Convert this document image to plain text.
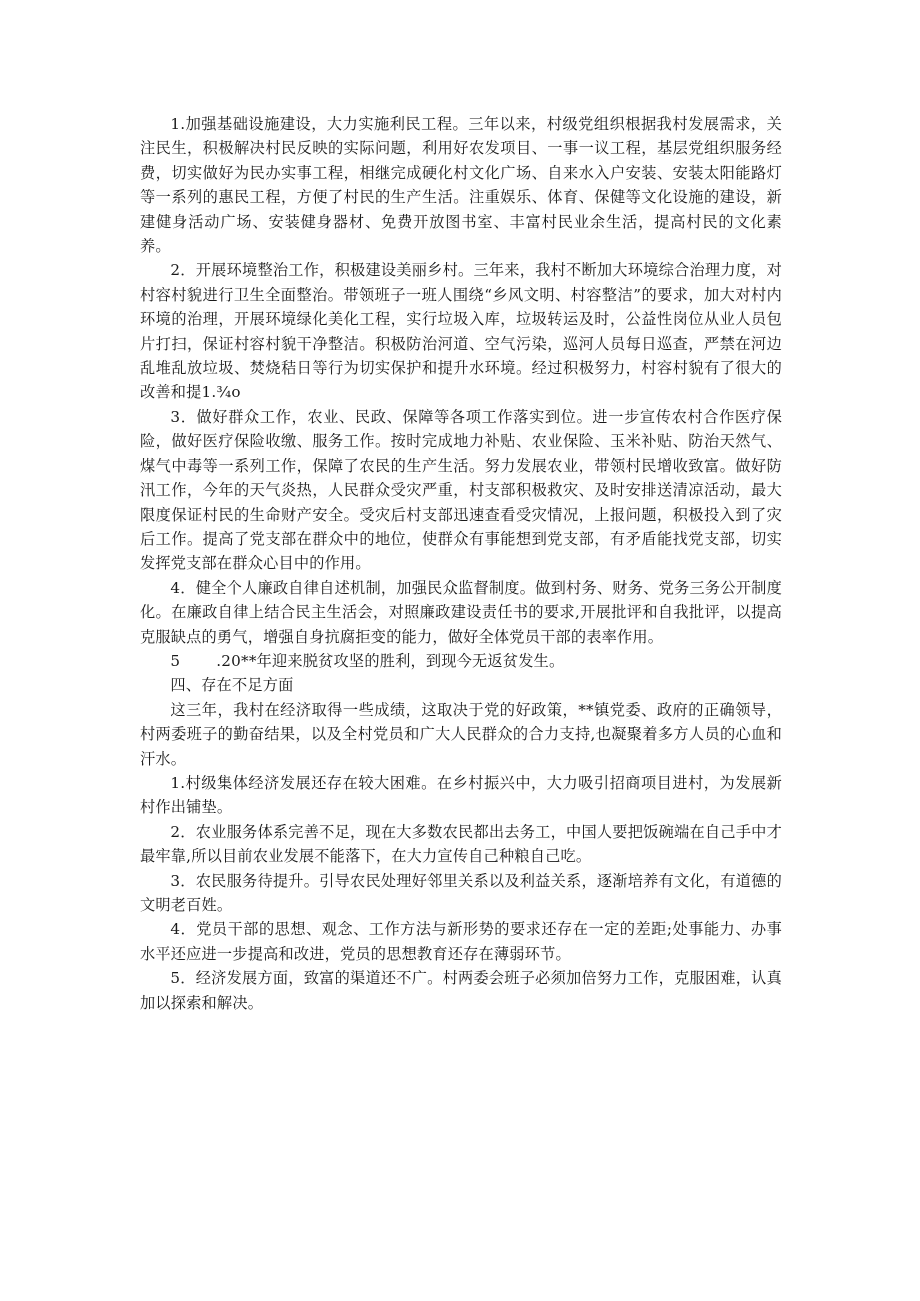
1.加强基础设施建设，大力实施利民工程。三年以来，村级党组织根据我村发展需求，关注民生，积极解决村民反映的实际问题，利用好农发项目、一事一议工程，基层党组织服务经费，切实做好为民办实事工程，相继完成硬化村文化广场、自来水入户安装、安装太阳能路灯等一系列的惠民工程，方便了村民的生产生活。注重娱乐、体育、保健等文化设施的建设，新建健身活动广场、安装健身器材、免费开放图书室、丰富村民业余生活，提高村民的文化素养。

2．开展环境整治工作，积极建设美丽乡村。三年来，我村不断加大环境综合治理力度，对村容村貌进行卫生全面整治。带领班子一班人围绕“乡风文明、村容整洁”的要求，加大对村内环境的治理，开展环境绿化美化工程，实行垃圾入库，垃圾转运及时，公益性岗位从业人员包片打扫，保证村容村貌干净整洁。积极防治河道、空气污染，巡河人员每日巡查，严禁在河边乱堆乱放垃圾、焚烧秸日等行为切实保护和提升水环境。经过积极努力，村容村貌有了很大的改善和提1.¾o

3．做好群众工作，农业、民政、保障等各项工作落实到位。进一步宣传农村合作医疗保险，做好医疗保险收缴、服务工作。按时完成地力补贴、农业保险、玉米补贴、防治天然气、煤气中毒等一系列工作，保障了农民的生产生活。努力发展农业，带领村民增收致富。做好防汛工作，今年的天气炎热，人民群众受灾严重，村支部积极救灾、及时安排送清凉活动，最大限度保证村民的生命财产安全。受灾后村支部迅速查看受灾情况，上报问题，积极投入到了灾后工作。提高了党支部在群众中的地位，使群众有事能想到党支部，有矛盾能找党支部，切实发挥党支部在群众心目中的作用。

4．健全个人廉政自律自述机制，加强民众监督制度。做到村务、财务、党务三务公开制度化。在廉政自律上结合民主生活会，对照廉政建设责任书的要求,开展批评和自我批评，以提高克服缺点的勇气，增强自身抗腐拒变的能力，做好全体党员干部的表率作用。

5 .20**年迎来脱贫攻坚的胜利，到现今无返贫发生。

四、存在不足方面

这三年，我村在经济取得一些成绩，这取决于党的好政策，**镇党委、政府的正确领导，村两委班子的勤奋结果，以及全村党员和广大人民群众的合力支持,也凝聚着多方人员的心血和汗水。

1.村级集体经济发展还存在较大困难。在乡村振兴中，大力吸引招商项目进村，为发展新村作出铺垫。

2．农业服务体系完善不足，现在大多数农民都出去务工，中国人要把饭碗端在自己手中才最牢靠,所以目前农业发展不能落下，在大力宣传自己种粮自己吃。

3．农民服务待提升。引导农民处理好邻里关系以及利益关系，逐渐培养有文化，有道德的文明老百姓。

4．党员干部的思想、观念、工作方法与新形势的要求还存在一定的差距;处事能力、办事水平还应进一步提高和改进，党员的思想教育还存在薄弱环节。

5．经济发展方面，致富的渠道还不广。村两委会班子必须加倍努力工作，克服困难，认真加以探索和解决。
